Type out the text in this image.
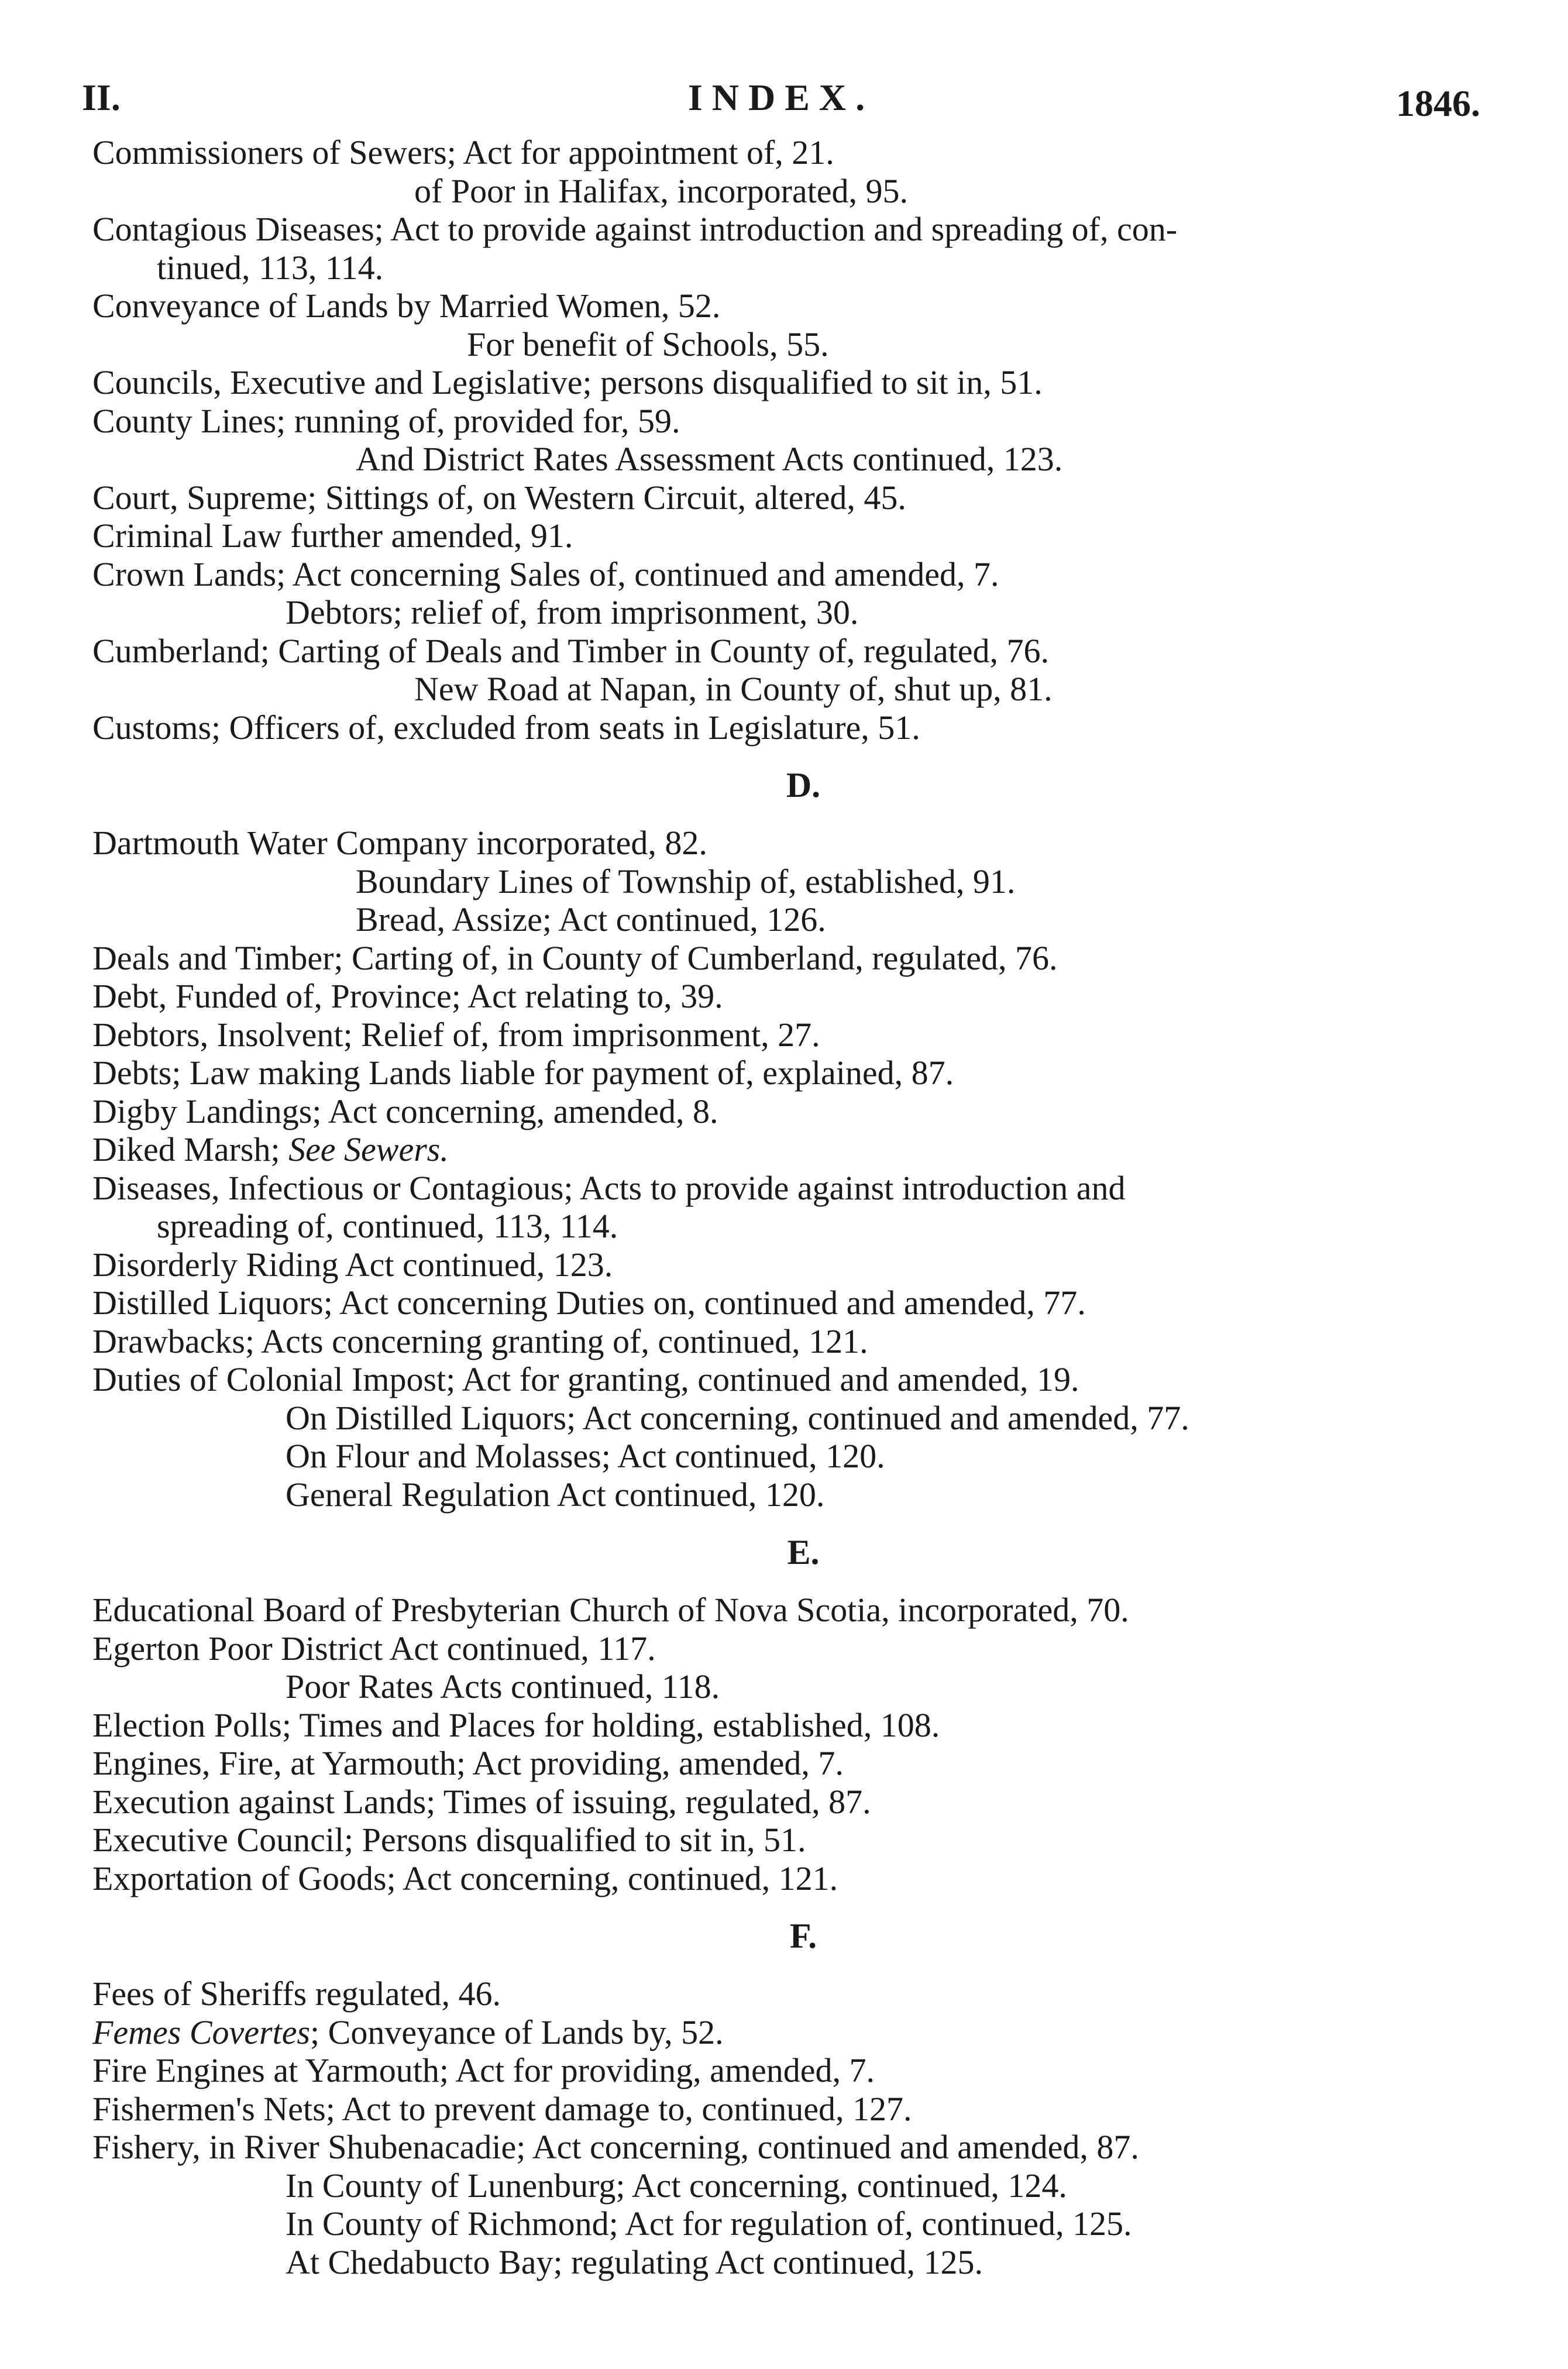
II.	INDEX.	1846.
Commissioners of Sewers; Act for appointment of, 21.
of Poor in Halifax, incorporated, 95.
Contagious Diseases; Act to provide against introduction and spreading of, con-
tinued, 113, 114.
Conveyance of Lands by Married Women, 52.
For benefit of Schools, 55.
Councils, Executive and Legislative; persons disqualified to sit in, 51.
County Lines; running of, provided for, 59.
And District Rates Assessment Acts continued, 123.
Court, Supreme; Sittings of, on Western Circuit, altered, 45.
Criminal Law further amended, 91.
Crown Lands; Act concerning Sales of, continued and amended, 7.
Debtors; relief of, from imprisonment, 30.
Cumberland; Carting of Deals and Timber in County of, regulated, 76.
New Road at Napan, in County of, shut up, 81.
Customs; Officers of, excluded from seats in Legislature, 51.
D.
Dartmouth Water Company incorporated, 82.
Boundary Lines of Township of, established, 91.
Bread, Assize; Act continued, 126.
Deals and Timber; Carting of, in County of Cumberland, regulated, 76.
Debt, Funded of, Province; Act relating to, 39.
Debtors, Insolvent; Relief of, from imprisonment, 27.
Debts; Law making Lands liable for payment of, explained, 87.
Digby Landings; Act concerning, amended, 8.
Diked Marsh; See Sewers.
Diseases, Infectious or Contagious; Acts to provide against introduction and
spreading of, continued, 113, 114.
Disorderly Riding Act continued, 123.
Distilled Liquors; Act concerning Duties on, continued and amended, 77.
Drawbacks; Acts concerning granting of, continued, 121.
Duties of Colonial Impost; Act for granting, continued and amended, 19.
On Distilled Liquors; Act concerning, continued and amended, 77.
On Flour and Molasses; Act continued, 120.
General Regulation Act continued, 120.
E.
Educational Board of Presbyterian Church of Nova Scotia, incorporated, 70.
Egerton Poor District Act continued, 117.
Poor Rates Acts continued, 118.
Election Polls; Times and Places for holding, established, 108.
Engines, Fire, at Yarmouth; Act providing, amended, 7.
Execution against Lands; Times of issuing, regulated, 87.
Executive Council; Persons disqualified to sit in, 51.
Exportation of Goods; Act concerning, continued, 121.
F.
Fees of Sheriffs regulated, 46.
Femes Covertes; Conveyance of Lands by, 52.
Fire Engines at Yarmouth; Act for providing, amended, 7.
Fishermen's Nets; Act to prevent damage to, continued, 127.
Fishery, in River Shubenacadie; Act concerning, continued and amended, 87.
In County of Lunenburg; Act concerning, continued, 124.
In County of Richmond; Act for regulation of, continued, 125.
At Chedabucto Bay; regulating Act continued, 125.
